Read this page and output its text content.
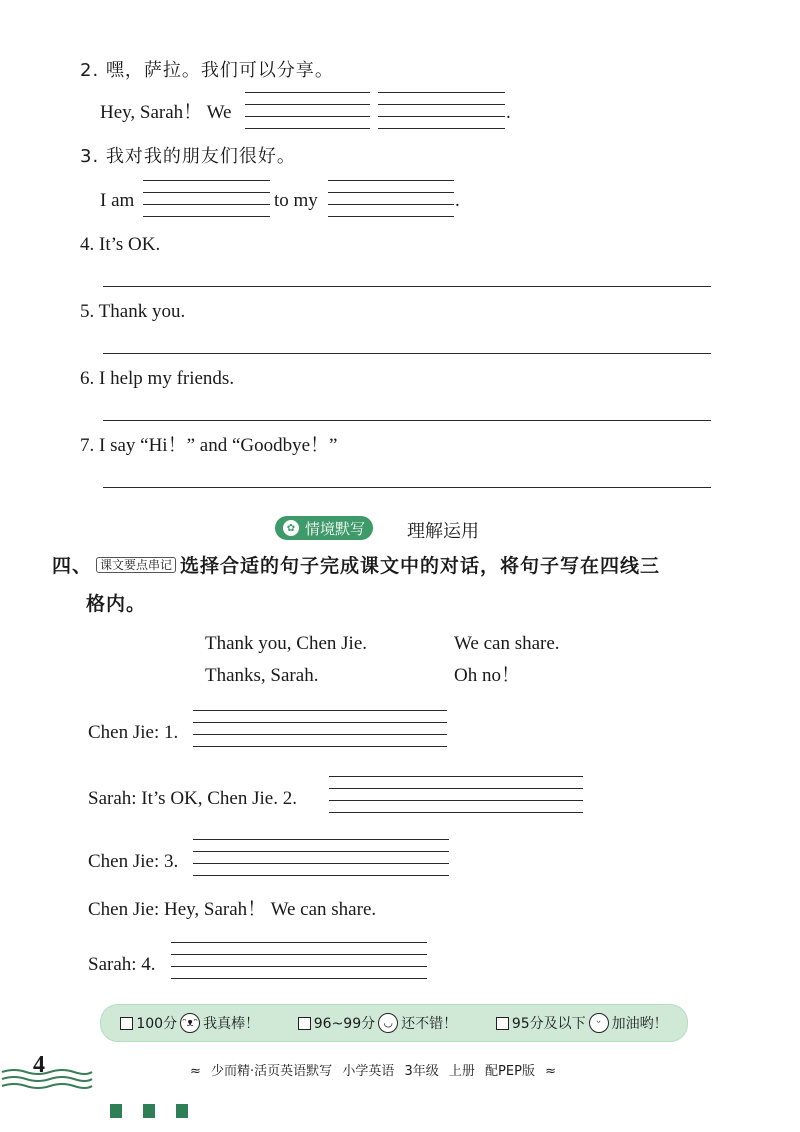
2. 嘿，萨拉。我们可以分享。
Hey, Sarah！ We	.
3. 我对我的朋友们很好。
I am	to my	.
4. It’s OK.
5. Thank you.
6. I help my friends.
7. I say “Hi！” and “Goodbye！”
✿ 情境默写 理解运用
四、 课文要点串记 选择合适的句子完成课文中的对话，将句子写在四线三
格内。
Thank you, Chen Jie.	We can share.
Thanks, Sarah.	Oh no！
Chen Jie: 1.
Sarah: It’s OK, Chen Jie. 2.
Chen Jie: 3.
Chen Jie: Hey, Sarah！ We can share.
Sarah: 4.
100分 ᵔᴥᵔ 我真棒！	96~99分 ◡ 还不错！	95分及以下 ᵕ 加油哟！
4	≈ 少而精·活页英语默写 小学英语 3年级 上册 配PEP版 ≈
